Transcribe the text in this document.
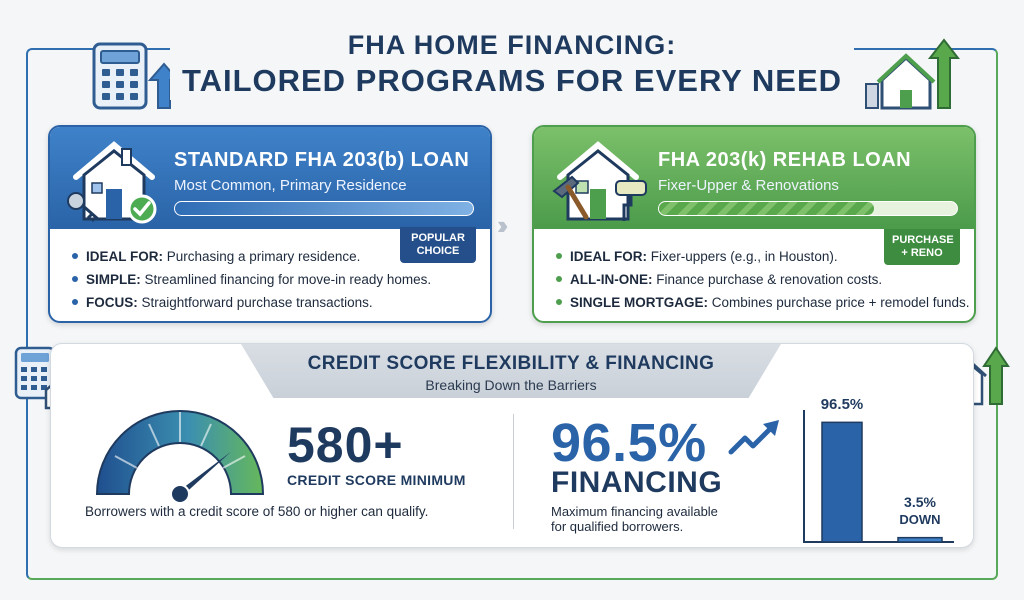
FHA HOME FINANCING:
TAILORED PROGRAMS FOR EVERY NEED
STANDARD FHA 203(b) LOAN
Most Common, Primary Residence
POPULAR
CHOICE
IDEAL FOR: Purchasing a primary residence.
SIMPLE: Streamlined financing for move-in ready homes.
FOCUS: Straightforward purchase transactions.
››
FHA 203(k) REHAB LOAN
Fixer-Upper & Renovations
PURCHASE
+ RENO
IDEAL FOR: Fixer-uppers (e.g., in Houston).
ALL-IN-ONE: Finance purchase & renovation costs.
SINGLE MORTGAGE: Combines purchase price + remodel funds.
CREDIT SCORE FLEXIBILITY & FINANCING
Breaking Down the Barriers
580+
CREDIT SCORE MINIMUM
Borrowers with a credit score of 580 or higher can qualify.
96.5%
FINANCING
Maximum financing available
for qualified borrowers.
96.5%
3.5%
DOWN
